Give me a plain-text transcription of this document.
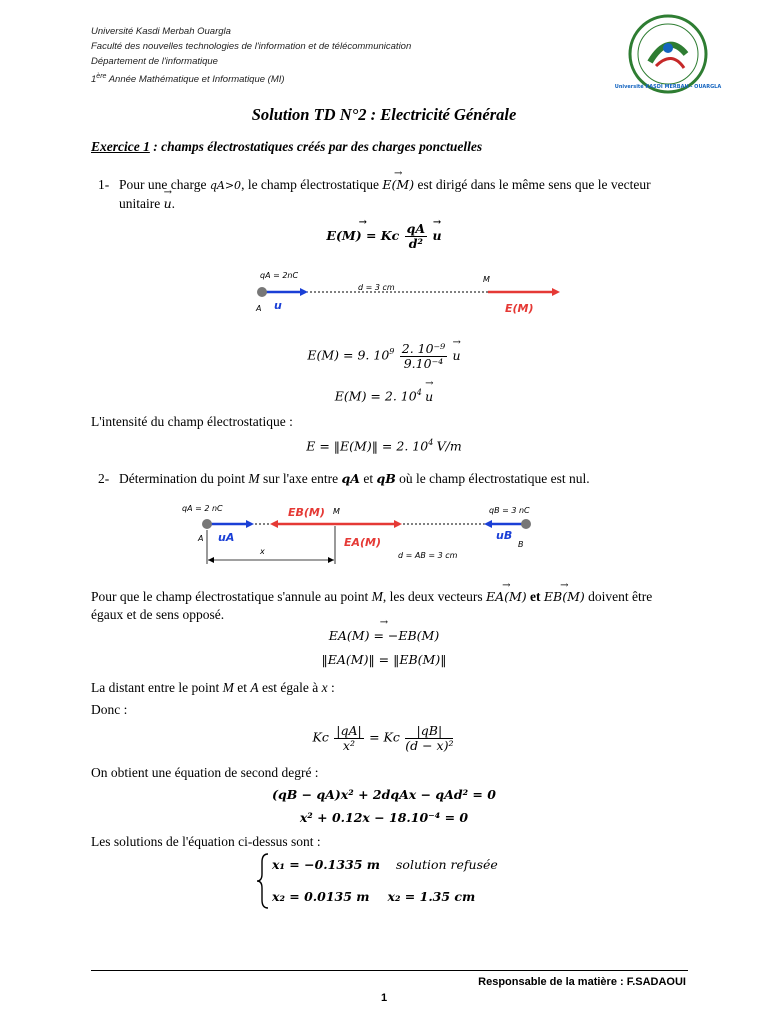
Université Kasdi Merbah Ouargla
Faculté des nouvelles technologies de l'information et de télécommunication
Département de l'informatique
1ère Année Mathématique et Informatique (MI)
Université KASDI MERBAH - OUARGLA
Solution TD N°2 : Electricité Générale
Exercice 1 : champs électrostatiques créés par des charges ponctuelles
1- Pour une charge qA>0, le champ électrostatique → E(M) est dirigé dans le même sens que le vecteur
unitaire → u.
→ E(M) = Kc $\frac{qA}{\text{d²}}$
→ u
qA = 2nC	M
d = 3 cm
A u	E(M)
E(M) = 9. $10^9 \frac{\text{2. 10⁻⁹}}{\text{9.10⁻⁴}}$
→ u
E(M) = 2. $10^4 \to u$
L'intensité du champ électrostatique :
E = ‖E(M)‖ = 2. $10^4$ V/m
2- Détermination du point M sur l'axe entre qA et qB où le champ électrostatique est nul.
qA = 2 nC	qB = 3 nC
EB(M) M
A
B
uA	uB
EA(M)
x	d = AB = 3 cm
Pour que le champ électrostatique s'annule au point M, les deux vecteurs → EA(M) et → EB(M) doivent être
égaux et de sens opposé.
→ EA(M) = −EB(M)
‖EA(M)‖ = ‖EB(M)‖
La distant entre le point M et A est égale à x :
Donc :
Kc $\frac{|qA|}{\text{x²}} = Kc \frac{|qB|}{\text{(d − x)²}}$
On obtient une équation de second degré :
(qB − qA)x² + 2dqAx − qAd² = 0
x² + 0.12x − 18.10⁻⁴ = 0
Les solutions de l'équation ci-dessus sont :
x₁ = −0.1335 m solution refusée
x₂ = 0.0135 m x₂ = 1.35 cm
Responsable de la matière : F.SADAOUI
1
